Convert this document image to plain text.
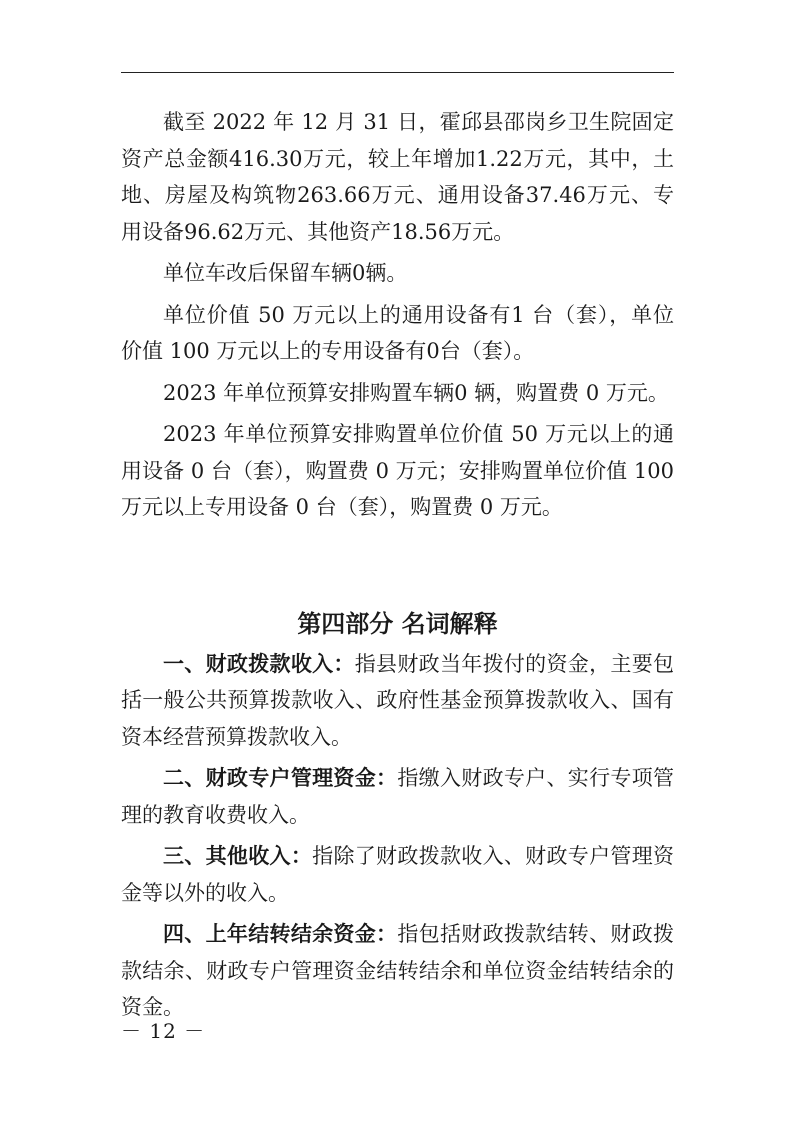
截至 2022 年 12 月 31 日，霍邱县邵岗乡卫生院固定资产总金额416.30万元，较上年增加1.22万元，其中，土地、房屋及构筑物263.66万元、通用设备37.46万元、专用设备96.62万元、其他资产18.56万元。

单位车改后保留车辆0辆。

单位价值 50 万元以上的通用设备有1 台（套），单位价值 100 万元以上的专用设备有0台（套）。

2023 年单位预算安排购置车辆0 辆，购置费 0 万元。

2023 年单位预算安排购置单位价值 50 万元以上的通用设备 0 台（套），购置费 0 万元；安排购置单位价值 100 万元以上专用设备 0 台（套），购置费 0 万元。

第四部分 名词解释

一、财政拨款收入：指县财政当年拨付的资金，主要包括一般公共预算拨款收入、政府性基金预算拨款收入、国有资本经营预算拨款收入。

二、财政专户管理资金：指缴入财政专户、实行专项管理的教育收费收入。

三、其他收入：指除了财政拨款收入、财政专户管理资金等以外的收入。

四、上年结转结余资金：指包括财政拨款结转、财政拨款结余、财政专户管理资金结转结余和单位资金结转结余的资金。

－ 12 －
